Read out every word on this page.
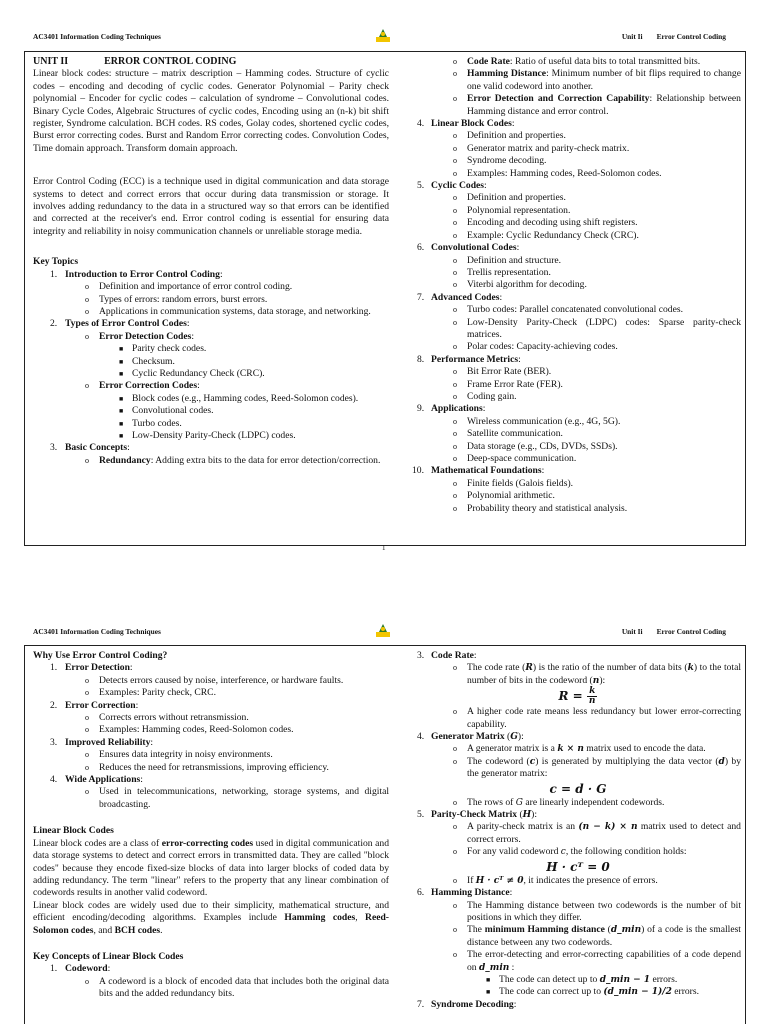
AC3401 Information Coding Techniques	Unit Ii Error Control Coding
UNIT II	ERROR CONTROL CODING

Linear block codes: structure – matrix description – Hamming codes. Structure of cyclic codes – encoding and decoding of cyclic codes. Generator Polynomial – Parity check polynomial – Encoder for cyclic codes – calculation of syndrome – Convolutional codes. Binary Cycle Codes, Algebraic Structures of cyclic codes, Encoding using an (n-k) bit shift register, Syndrome calculation. BCH codes. RS codes, Golay codes, shortened cyclic codes, Burst error correcting codes. Burst and Random Error correcting codes. Convolution Codes, Time domain approach. Transform domain approach.

Error Control Coding (ECC) is a technique used in digital communication and data storage systems to detect and correct errors that occur during data transmission or storage. It involves adding redundancy to the data in a structured way so that errors can be identified and corrected at the receiver's end. Error control coding is essential for ensuring data integrity and reliability in noisy communication channels or unreliable storage media.

Key Topics

1. Introduction to Error Control Coding:
o Definition and importance of error control coding.
o Types of errors: random errors, burst errors.
o Applications in communication systems, data storage, and networking.
2. Types of Error Control Codes:
o Error Detection Codes:
■ Parity check codes.
■ Checksum.
■ Cyclic Redundancy Check (CRC).
o Error Correction Codes:
■ Block codes (e.g., Hamming codes, Reed-Solomon codes).
■ Convolutional codes.
■ Turbo codes.
■ Low-Density Parity-Check (LDPC) codes.
3. Basic Concepts:
o Redundancy: Adding extra bits to the data for error detection/correction.
o Code Rate: Ratio of useful data bits to total transmitted bits.
o Hamming Distance: Minimum number of bit flips required to change one valid codeword into another.
o Error Detection and Correction Capability: Relationship between Hamming distance and error control.
4. Linear Block Codes:
o Definition and properties.
o Generator matrix and parity-check matrix.
o Syndrome decoding.
o Examples: Hamming codes, Reed-Solomon codes.
5. Cyclic Codes:
o Definition and properties.
o Polynomial representation.
o Encoding and decoding using shift registers.
o Example: Cyclic Redundancy Check (CRC).
6. Convolutional Codes:
o Definition and structure.
o Trellis representation.
o Viterbi algorithm for decoding.
7. Advanced Codes:
o Turbo codes: Parallel concatenated convolutional codes.
o Low-Density Parity-Check (LDPC) codes: Sparse parity-check matrices.
o Polar codes: Capacity-achieving codes.
8. Performance Metrics:
o Bit Error Rate (BER).
o Frame Error Rate (FER).
o Coding gain.
9. Applications:
o Wireless communication (e.g., 4G, 5G).
o Satellite communication.
o Data storage (e.g., CDs, DVDs, SSDs).
o Deep-space communication.
10. Mathematical Foundations:
o Finite fields (Galois fields).
o Polynomial arithmetic.
o Probability theory and statistical analysis.
1
AC3401 Information Coding Techniques	Unit Ii Error Control Coding

Why Use Error Control Coding?

1. Error Detection:
o Detects errors caused by noise, interference, or hardware faults.
o Examples: Parity check, CRC.
2. Error Correction:
o Corrects errors without retransmission.
o Examples: Hamming codes, Reed-Solomon codes.
3. Improved Reliability:
o Ensures data integrity in noisy environments.
o Reduces the need for retransmissions, improving efficiency.
4. Wide Applications:
o Used in telecommunications, networking, storage systems, and digital broadcasting.

Linear Block Codes

Linear block codes are a class of error-correcting codes used in digital communication and data storage systems to detect and correct errors in transmitted data. They are called "block codes" because they encode fixed-size blocks of data into larger blocks of coded data by adding redundancy. The term "linear" refers to the property that any linear combination of codewords results in another valid codeword.

Linear block codes are widely used due to their simplicity, mathematical structure, and efficient encoding/decoding algorithms. Examples include Hamming codes, Reed-Solomon codes, and BCH codes.

Key Concepts of Linear Block Codes

1. Codeword:
o A codeword is a block of encoded data that includes both the original data bits and the added redundancy bits.
3. Code Rate:
o The code rate (R) is the ratio of the number of data bits (k) to the total number of bits in the codeword (n):
$R = \frac{k}{n}$
o A higher code rate means less redundancy but lower error-correcting capability.
4. Generator Matrix (G):
o A generator matrix is a k × n matrix used to encode the data.
o The codeword (c) is generated by multiplying the data vector (d) by the generator matrix:
c = d · G
o The rows of G are linearly independent codewords.
5. Parity-Check Matrix (H):
o A parity-check matrix is an (n − k) × n matrix used to detect and correct errors.
o For any valid codeword c, the following condition holds:
H · cᵀ = 0
o If H · cᵀ ≠ 0, it indicates the presence of errors.
6. Hamming Distance:
o The Hamming distance between two codewords is the number of bit positions in which they differ.
o The minimum Hamming distance (d_min) of a code is the smallest distance between any two codewords.
o The error-detecting and error-correcting capabilities of a code depend on d_min :
■ The code can detect up to d_min − 1 errors.
■ The code can correct up to (d_min − 1)/2 errors.
7. Syndrome Decoding:
